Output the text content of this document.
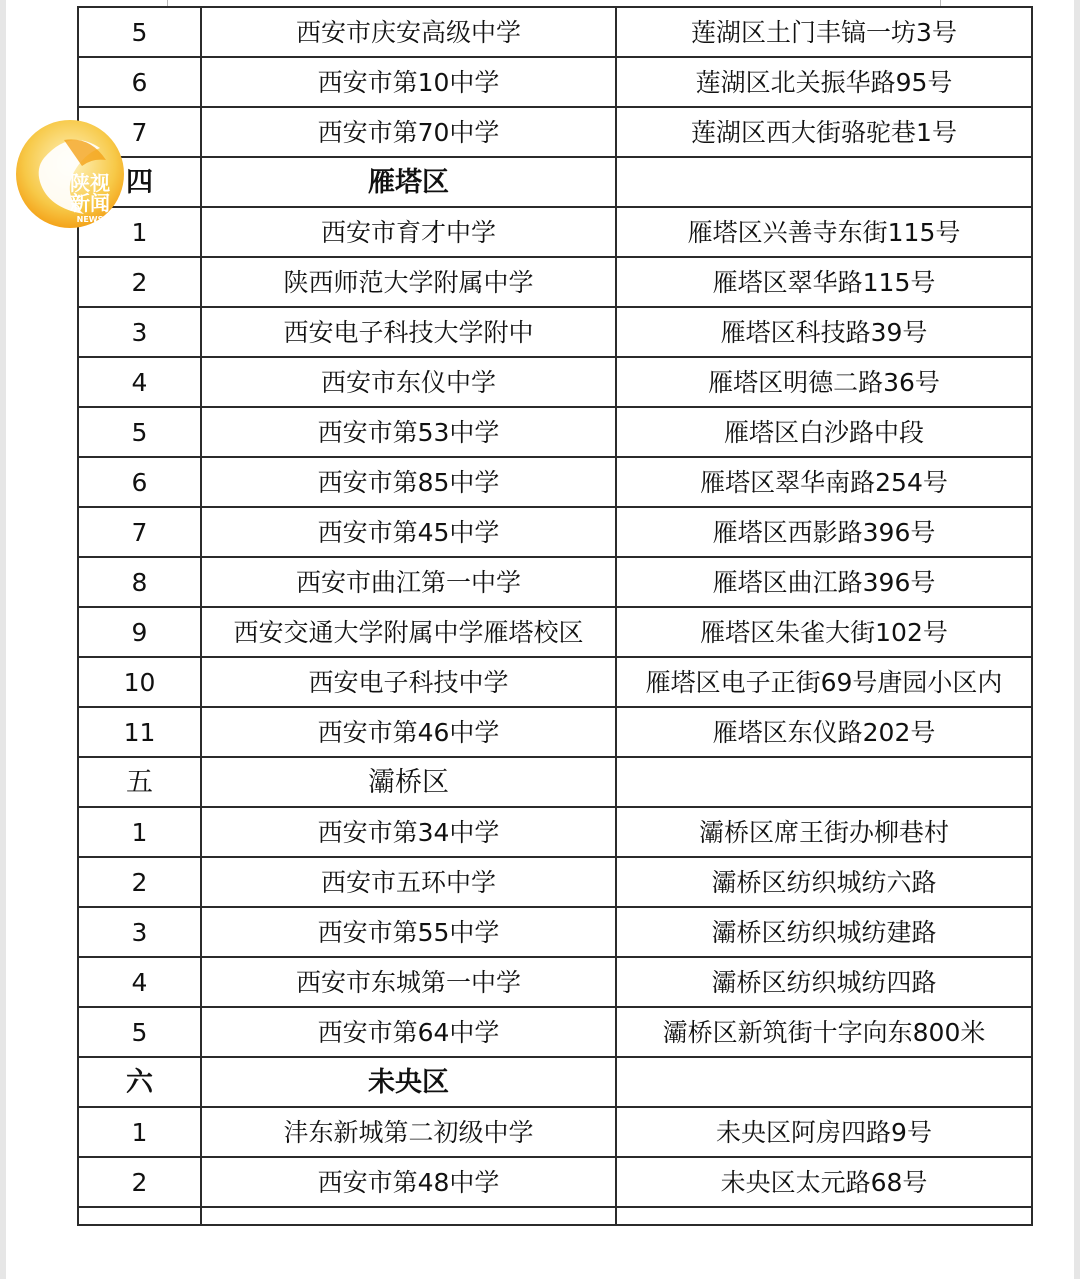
5	西安市庆安高级中学	莲湖区土门丰镐一坊3号
6	西安市第10中学	莲湖区北关振华路95号
7	西安市第70中学	莲湖区西大街骆驼巷1号
四	雁塔区	
1	西安市育才中学	雁塔区兴善寺东街115号
2	陕西师范大学附属中学	雁塔区翠华路115号
3	西安电子科技大学附中	雁塔区科技路39号
4	西安市东仪中学	雁塔区明德二路36号
5	西安市第53中学	雁塔区白沙路中段
6	西安市第85中学	雁塔区翠华南路254号
7	西安市第45中学	雁塔区西影路396号
8	西安市曲江第一中学	雁塔区曲江路396号
9	西安交通大学附属中学雁塔校区	雁塔区朱雀大街102号
10	西安电子科技中学	雁塔区电子正街69号唐园小区内
11	西安市第46中学	雁塔区东仪路202号
五	灞桥区	
1	西安市第34中学	灞桥区席王街办柳巷村
2	西安市五环中学	灞桥区纺织城纺六路
3	西安市第55中学	灞桥区纺织城纺建路
4	西安市东城第一中学	灞桥区纺织城纺四路
5	西安市第64中学	灞桥区新筑街十字向东800米
六	未央区	
1	沣东新城第二初级中学	未央区阿房四路9号
2	西安市第48中学	未央区太元路68号

陕视
新闻
NEWS
